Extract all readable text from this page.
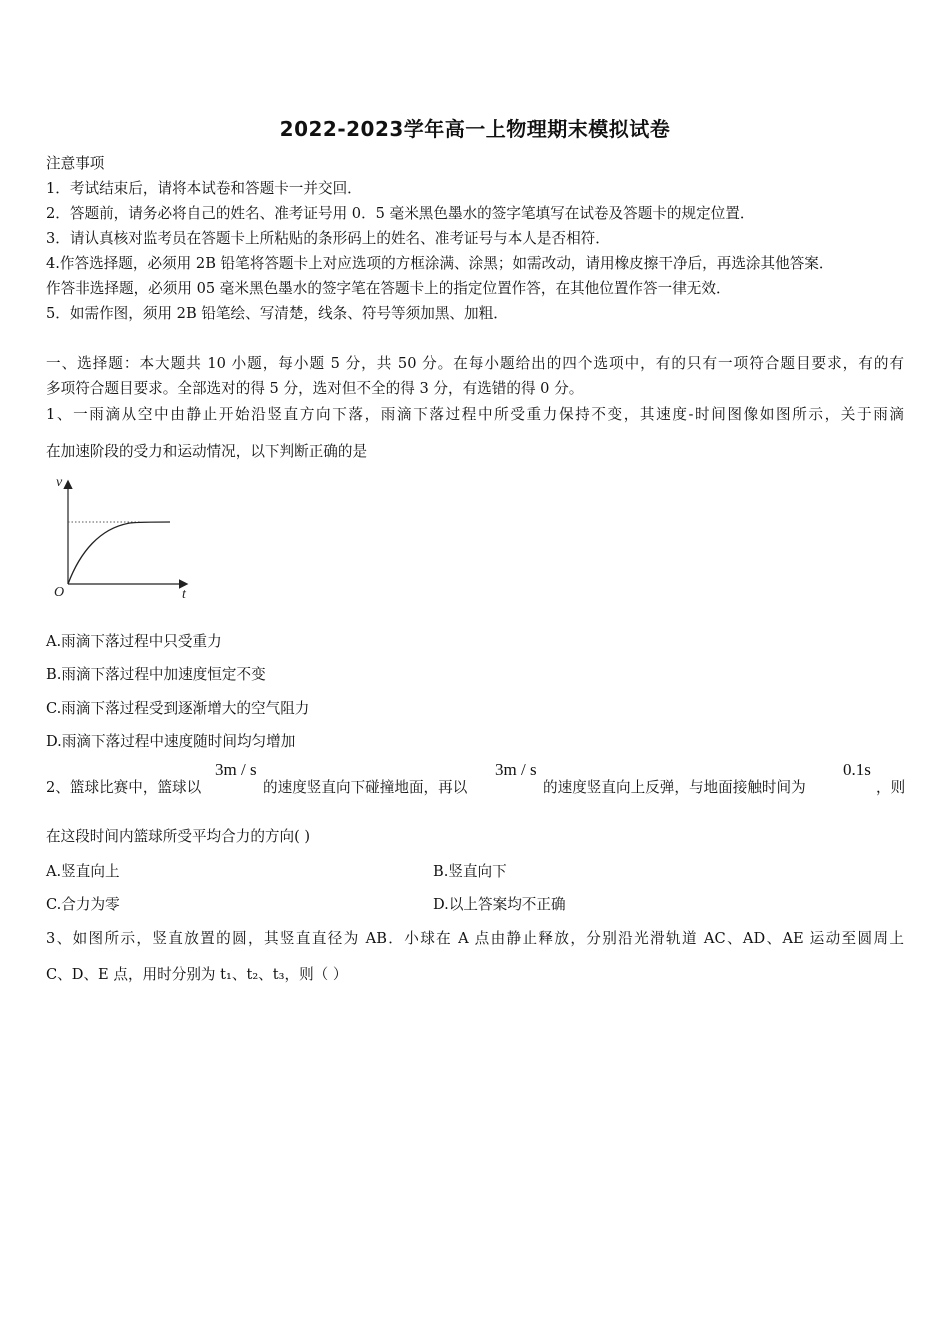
2022-2023学年高一上物理期末模拟试卷
注意事项
1．考试结束后，请将本试卷和答题卡一并交回．
2．答题前，请务必将自己的姓名、准考证号用 0．5 毫米黑色墨水的签字笔填写在试卷及答题卡的规定位置．
3．请认真核对监考员在答题卡上所粘贴的条形码上的姓名、准考证号与本人是否相符．
4.作答选择题，必须用 2B 铅笔将答题卡上对应选项的方框涂满、涂黑；如需改动，请用橡皮擦干净后，再选涂其他答案．
作答非选择题，必须用 05 毫米黑色墨水的签字笔在答题卡上的指定位置作答，在其他位置作答一律无效．
5．如需作图，须用 2B 铅笔绘、写清楚，线条、符号等须加黑、加粗．
一、选择题：本大题共 10 小题，每小题 5 分，共 50 分。在每小题给出的四个选项中，有的只有一项符合题目要求，有的有
多项符合题目要求。全部选对的得 5 分，选对但不全的得 3 分，有选错的得 0 分。
1、一雨滴从空中由静止开始沿竖直方向下落，雨滴下落过程中所受重力保持不变，其速度-时间图像如图所示，关于雨滴
在加速阶段的受力和运动情况，以下判断正确的是
v
t
O
A.雨滴下落过程中只受重力
B.雨滴下落过程中加速度恒定不变
C.雨滴下落过程受到逐渐增大的空气阻力
D.雨滴下落过程中速度随时间均匀增加
2、篮球比赛中，篮球以
3m / s
的速度竖直向下碰撞地面，再以
3m / s
的速度竖直向上反弹，与地面接触时间为
0.1s
，则
在这段时间内篮球所受平均合力的方向( )
A.竖直向上	B.竖直向下
C.合力为零	D.以上答案均不正确
3、如图所示，竖直放置的圆，其竖直直径为 AB．小球在 A 点由静止释放，分别沿光滑轨道 AC、AD、AE 运动至圆周上
C、D、E 点，用时分别为 t₁、t₂、t₃，则（ ）
